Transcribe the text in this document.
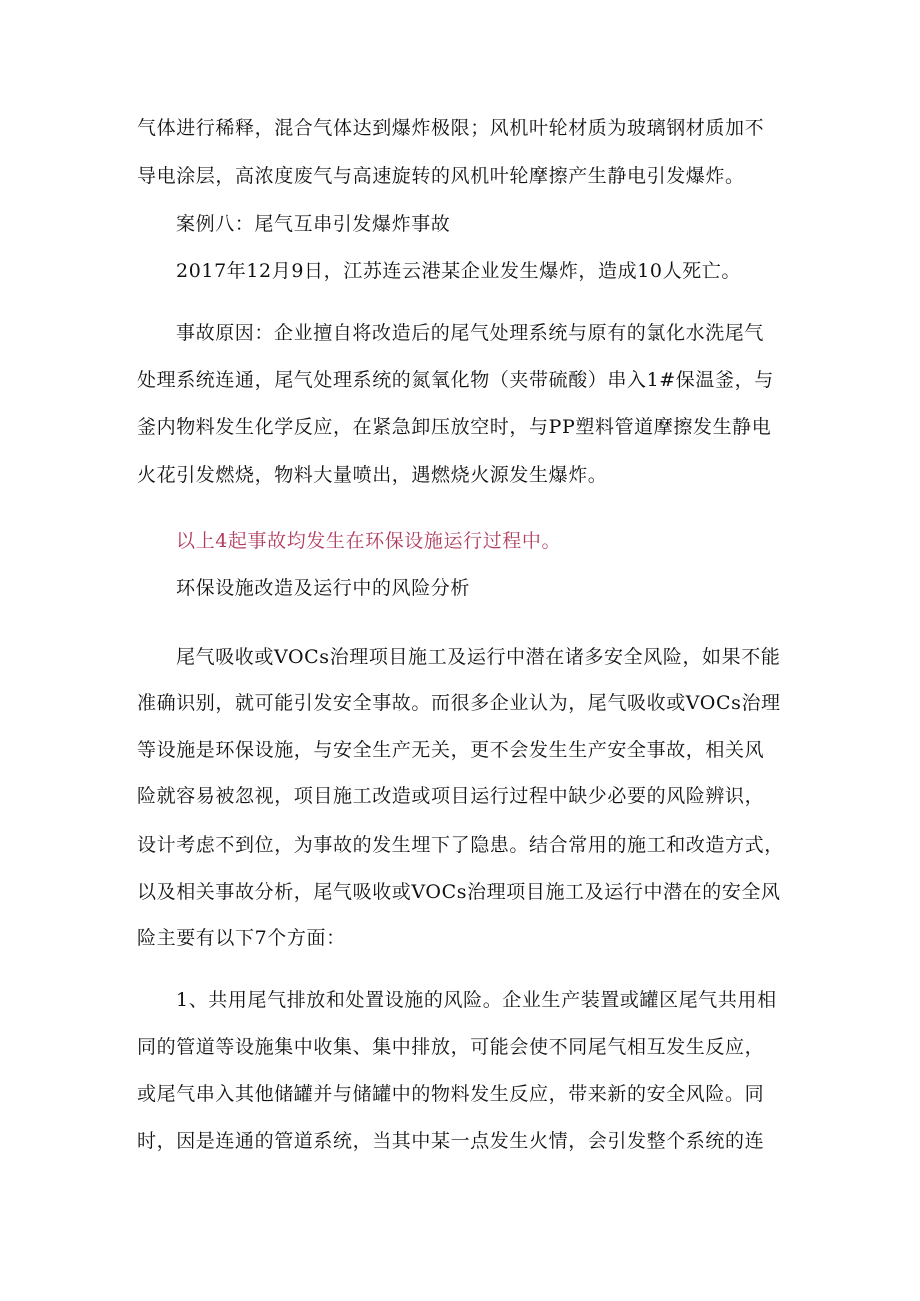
气体进行稀释，混合气体达到爆炸极限；风机叶轮材质为玻璃钢材质加不
导电涂层，高浓度废气与高速旋转的风机叶轮摩擦产生静电引发爆炸。
案例八：尾气互串引发爆炸事故
2017年12月9日，江苏连云港某企业发生爆炸，造成10人死亡。
事故原因：企业擅自将改造后的尾气处理系统与原有的氯化水洗尾气
处理系统连通，尾气处理系统的氮氧化物（夹带硫酸）串入1#保温釜，与
釜内物料发生化学反应，在紧急卸压放空时，与PP塑料管道摩擦发生静电
火花引发燃烧，物料大量喷出，遇燃烧火源发生爆炸。
以上4起事故均发生在环保设施运行过程中。
环保设施改造及运行中的风险分析
尾气吸收或VOCs治理项目施工及运行中潜在诸多安全风险，如果不能
准确识别，就可能引发安全事故。而很多企业认为，尾气吸收或VOCs治理
等设施是环保设施，与安全生产无关，更不会发生生产安全事故，相关风
险就容易被忽视，项目施工改造或项目运行过程中缺少必要的风险辨识，
设计考虑不到位，为事故的发生埋下了隐患。结合常用的施工和改造方式，
以及相关事故分析，尾气吸收或VOCs治理项目施工及运行中潜在的安全风
险主要有以下7个方面：
1、共用尾气排放和处置设施的风险。企业生产装置或罐区尾气共用相
同的管道等设施集中收集、集中排放，可能会使不同尾气相互发生反应，
或尾气串入其他储罐并与储罐中的物料发生反应，带来新的安全风险。同
时，因是连通的管道系统，当其中某一点发生火情，会引发整个系统的连
